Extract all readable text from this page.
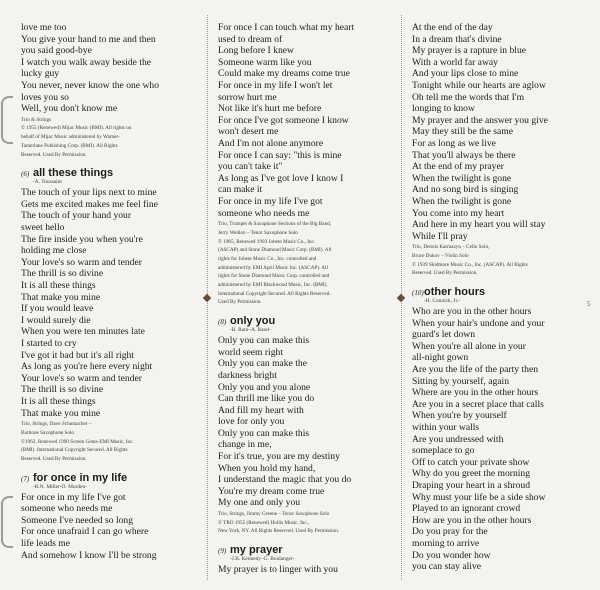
love me too
You give your hand to me and then
you said good-bye
I watch you walk away beside the
lucky guy
You never, never know the one who
loves you so
Well, you don't know me
Trio & Strings
© 1955 (Renewed) Mijac Music (BMI). All rights on
behalf of Mijac Music administered by Warner-
Tamerlane Publishing Corp. (BMI). All Rights
Reserved. Used By Permission.
(6) all these things
-A. Toussaint
The touch of your lips next to mine
Gets me excited makes me feel fine
The touch of your hand your
sweet hello
The fire inside you when you're
holding me close
Your love's so warm and tender
The thrill is so divine
It is all these things
That make you mine
If you would leave
I would surely die
When you were ten minutes late
I started to cry
I've got it bad but it's all right
As long as you're here every night
Your love's so warm and tender
The thrill is so divine
It is all these things
That make you mine
Trio, Strings, Dave Schumacher –
Baritone Saxophone Solo
©1962, Renewed 1990 Screen Gems-EMI Music, Inc.
(BMI). International Copyright Secured. All Rights
Reserved. Used By Permission.
(7) for once in my life
-R.N. Miller-O. Murden-
For once in my life I've got
someone who needs me
Someone I've needed so long
For once unafraid I can go where
life leads me
And somehow I know I'll be strong
For once I can touch what my heart
used to dream of
Long before I knew
Someone warm like you
Could make my dreams come true
For once in my life I won't let
sorrow hurt me
Not like it's hurt me before
For once I've got someone I know
won't desert me
And I'm not alone anymore
For once I can say: "this is mine
you can't take it"
As long as I've got love I know I
can make it
For once in my life I've got
someone who needs me
Trio, Trumpet & Saxophone Sections of the Big Band,
Jerry Weldon – Tenor Saxophone Solo
© 1965, Renewed 1993 Jobete Music Co., Inc.
(ASCAP) and Stone Diamond Music Corp. (BMI). All
rights for Jobete Music Co., Inc. controlled and
administered by EMI April Music Inc. (ASCAP). All
rights for Stone Diamond Music Corp. controlled and
administered by EMI Blackwood Music, Inc. (BMI).
International Copyright Secured. All Rights Reserved.
Used By Permission.
(8) only you
-B. Ram–A. Rand–
Only you can make this
world seem right
Only you can make the
darkness bright
Only you and you alone
Can thrill me like you do
And fill my heart with
love for only you
Only you can make this
change in me,
For it's true, you are my destiny
When you hold my hand,
I understand the magic that you do
You're my dream come true
My one and only you
Trio, Strings, Jimmy Greene – Tenor Saxophone Solo
© TRO 1955 (Renewed) Hollis Music, Inc.,
New York, NY. All Rights Reserved. Used By Permission.
(9) my prayer
-J.B. Kennedy–G. Boulanger-
My prayer is to linger with you
At the end of the day
In a dream that's divine
My prayer is a rapture in blue
With a world far away
And your lips close to mine
Tonight while our hearts are aglow
Oh tell me the words that I'm
longing to know
My prayer and the answer you give
May they still be the same
For as long as we live
That you'll always be there
At the end of my prayer
When the twilight is gone
And no song bird is singing
When the twilight is gone
You come into my heart
And here in my heart you will stay
While I'll pray
Trio, Dennis Karmazyn – Cello Solo,
Bruce Dukov – Violin Solo
© 1939 Skidmore Music Co., Inc. (ASCAP). All Rights
Reserved. Used By Permission.
(10) other hours
-H. Connick, Jr.-
Who are you in the other hours
When your hair's undone and your
guard's let down
When you're all alone in your
all-night gown
Are you the life of the party then
Sitting by yourself, again
Where are you in the other hours
Are you in a secret place that calls
When you're by yourself
within your walls
Are you undressed with
someplace to go
Off to catch your private show
Why do you greet the morning
Draping your heart in a shroud
Why must your life be a side show
Played to an ignorant crowd
How are you in the other hours
Do you pray for the
morning to arrive
Do you wonder how
you can stay alive
5
